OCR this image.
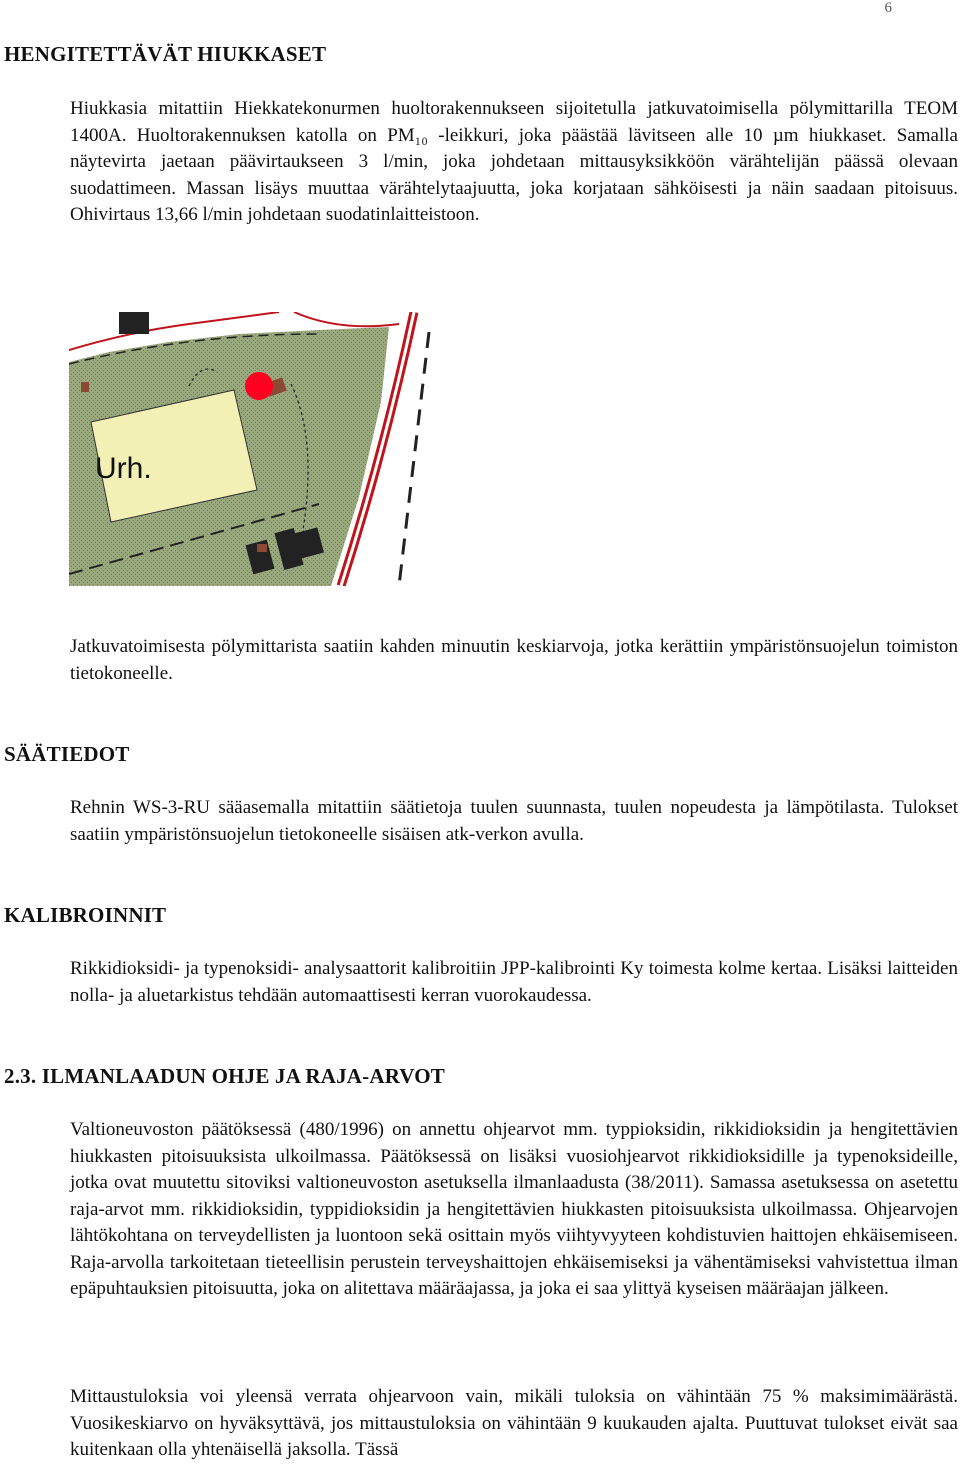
6
HENGITETTÄVÄT HIUKKASET

Hiukkasia mitattiin Hiekkatekonurmen huoltorakennukseen sijoitetulla jatkuvatoimisella pölymittarilla TEOM 1400A. Huoltorakennuksen katolla on PM₁₀ -leikkuri, joka päästää lävitseen alle 10 µm hiukkaset. Samalla näytevirta jaetaan päävirtaukseen 3 l/min, joka johdetaan mittausyksikköön värähtelijän päässä olevaan suodattimeen. Massan lisäys muuttaa värähtelytaajuutta, joka korjataan sähköisesti ja näin saadaan pitoisuus. Ohivirtaus 13,66 l/min johdetaan suodatinlaitteistoon.

Urh.

Jatkuvatoimisesta pölymittarista saatiin kahden minuutin keskiarvoja, jotka kerättiin ympäristönsuojelun toimiston tietokoneelle.

SÄÄTIEDOT

Rehnin WS-3-RU sääasemalla mitattiin säätietoja tuulen suunnasta, tuulen nopeudesta ja lämpötilasta. Tulokset saatiin ympäristönsuojelun tietokoneelle sisäisen atk-verkon avulla.

KALIBROINNIT

Rikkidioksidi- ja typenoksidi- analysaattorit kalibroitiin JPP-kalibrointi Ky toimesta kolme kertaa. Lisäksi laitteiden nolla- ja aluetarkistus tehdään automaattisesti kerran vuorokaudessa.

2.3. ILMANLAADUN OHJE JA RAJA-ARVOT

Valtioneuvoston päätöksessä (480/1996) on annettu ohjearvot mm. typpioksidin, rikkidioksidin ja hengitettävien hiukkasten pitoisuuksista ulkoilmassa. Päätöksessä on lisäksi vuosiohjearvot rikkidioksidille ja typenoksideille, jotka ovat muutettu sitoviksi valtioneuvoston asetuksella ilmanlaadusta (38/2011). Samassa asetuksessa on asetettu raja-arvot mm. rikkidioksidin, typpidioksidin ja hengitettävien hiukkasten pitoisuuksista ulkoilmassa. Ohjearvojen lähtökohtana on terveydellisten ja luontoon sekä osittain myös viihtyvyyteen kohdistuvien haittojen ehkäisemiseen. Raja-arvolla tarkoitetaan tieteellisin perustein terveyshaittojen ehkäisemiseksi ja vähentämiseksi vahvistettua ilman epäpuhtauksien pitoisuutta, joka on alitettava määräajassa, ja joka ei saa ylittyä kyseisen määräajan jälkeen.

Mittaustuloksia voi yleensä verrata ohjearvoon vain, mikäli tuloksia on vähintään 75 % maksimimäärästä. Vuosikeskiarvo on hyväksyttävä, jos mittaustuloksia on vähintään 9 kuukauden ajalta. Puuttuvat tulokset eivät saa kuitenkaan olla yhtenäisellä jaksolla. Tässä
